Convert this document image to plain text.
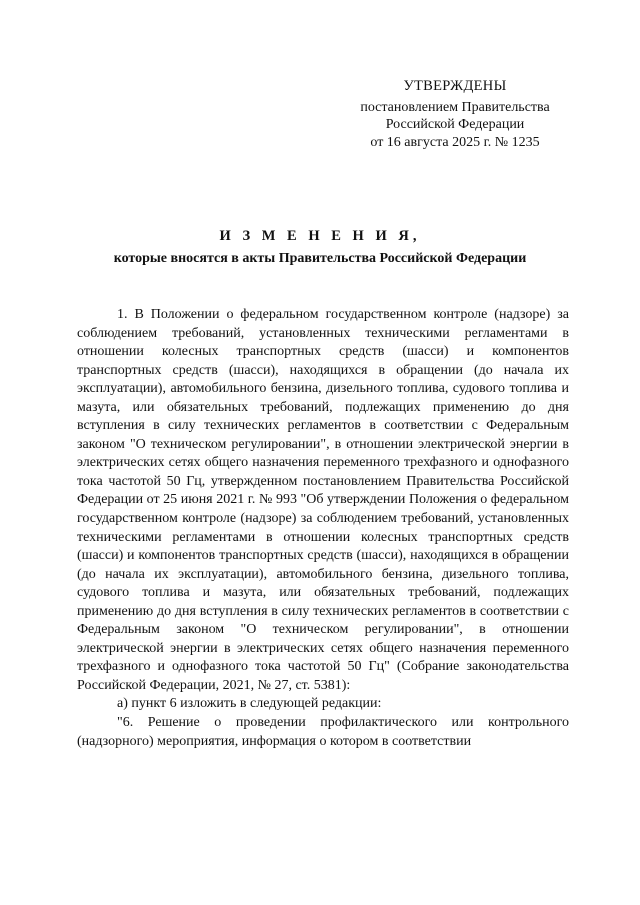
УТВЕРЖДЕНЫ
постановлением Правительства
Российской Федерации
от 16 августа 2025 г. № 1235
И З М Е Н Е Н И Я,
которые вносятся в акты Правительства Российской Федерации

1. В Положении о федеральном государственном контроле (надзоре) за соблюдением требований, установленных техническими регламентами в отношении колесных транспортных средств (шасси) и компонентов транспортных средств (шасси), находящихся в обращении (до начала их эксплуатации), автомобильного бензина, дизельного топлива, судового топлива и мазута, или обязательных требований, подлежащих применению до дня вступления в силу технических регламентов в соответствии с Федеральным законом "О техническом регулировании", в отношении электрической энергии в электрических сетях общего назначения переменного трехфазного и однофазного тока частотой 50 Гц, утвержденном постановлением Правительства Российской Федерации от 25 июня 2021 г. № 993 "Об утверждении Положения о федеральном государственном контроле (надзоре) за соблюдением требований, установленных техническими регламентами в отношении колесных транспортных средств (шасси) и компонентов транспортных средств (шасси), находящихся в обращении (до начала их эксплуатации), автомобильного бензина, дизельного топлива, судового топлива и мазута, или обязательных требований, подлежащих применению до дня вступления в силу технических регламентов в соответствии с Федеральным законом "О техническом регулировании", в отношении электрической энергии в электрических сетях общего назначения переменного трехфазного и однофазного тока частотой 50 Гц" (Собрание законодательства Российской Федерации, 2021, № 27, ст. 5381):

а) пункт 6 изложить в следующей редакции:

"6. Решение о проведении профилактического или контрольного (надзорного) мероприятия, информация о котором в соответствии
